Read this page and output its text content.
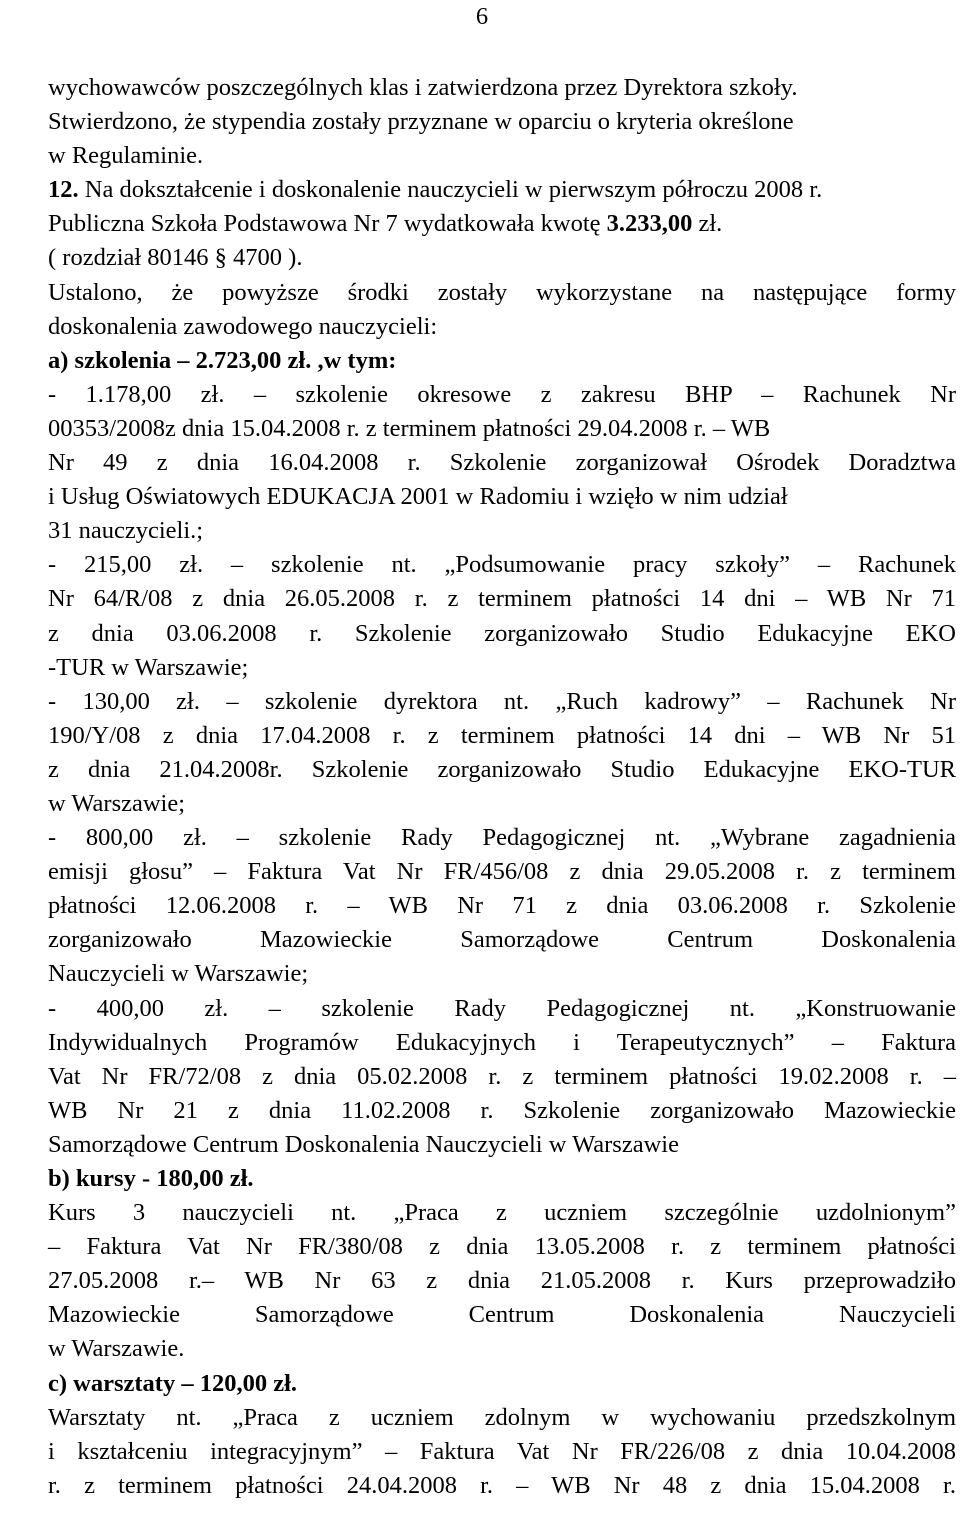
6
wychowawców poszczególnych klas i zatwierdzona przez Dyrektora szkoły.
Stwierdzono, że stypendia zostały przyznane w oparciu o kryteria określone
w Regulaminie.
12. Na dokształcenie i doskonalenie nauczycieli w pierwszym półroczu 2008 r.
Publiczna Szkoła Podstawowa Nr 7 wydatkowała kwotę 3.233,00 zł.
( rozdział 80146 § 4700 ).
Ustalono, że powyższe środki zostały wykorzystane na następujące formy
doskonalenia zawodowego nauczycieli:
a) szkolenia – 2.723,00 zł. ,w tym:
- 1.178,00 zł. – szkolenie okresowe z zakresu BHP – Rachunek Nr
00353/2008z dnia 15.04.2008 r. z terminem płatności 29.04.2008 r. – WB
Nr 49 z dnia 16.04.2008 r. Szkolenie zorganizował Ośrodek Doradztwa
i Usług Oświatowych EDUKACJA 2001 w Radomiu i wzięło w nim udział
31 nauczycieli.;
- 215,00 zł. – szkolenie nt. „Podsumowanie pracy szkoły” – Rachunek
Nr 64/R/08 z dnia 26.05.2008 r. z terminem płatności 14 dni – WB Nr 71
z dnia 03.06.2008 r. Szkolenie zorganizowało Studio Edukacyjne EKO
-TUR w Warszawie;
- 130,00 zł. – szkolenie dyrektora nt. „Ruch kadrowy” – Rachunek Nr
190/Y/08 z dnia 17.04.2008 r. z terminem płatności 14 dni – WB Nr 51
z dnia 21.04.2008r. Szkolenie zorganizowało Studio Edukacyjne EKO-TUR
w Warszawie;
- 800,00 zł. – szkolenie Rady Pedagogicznej nt. „Wybrane zagadnienia
emisji głosu” – Faktura Vat Nr FR/456/08 z dnia 29.05.2008 r. z terminem
płatności 12.06.2008 r. – WB Nr 71 z dnia 03.06.2008 r. Szkolenie
zorganizowało Mazowieckie Samorządowe Centrum Doskonalenia
Nauczycieli w Warszawie;
- 400,00 zł. – szkolenie Rady Pedagogicznej nt. „Konstruowanie
Indywidualnych Programów Edukacyjnych i Terapeutycznych” – Faktura
Vat Nr FR/72/08 z dnia 05.02.2008 r. z terminem płatności 19.02.2008 r. –
WB Nr 21 z dnia 11.02.2008 r. Szkolenie zorganizowało Mazowieckie
Samorządowe Centrum Doskonalenia Nauczycieli w Warszawie
b) kursy - 180,00 zł.
Kurs 3 nauczycieli nt. „Praca z uczniem szczególnie uzdolnionym”
– Faktura Vat Nr FR/380/08 z dnia 13.05.2008 r. z terminem płatności
27.05.2008 r.– WB Nr 63 z dnia 21.05.2008 r. Kurs przeprowadziło
Mazowieckie Samorządowe Centrum Doskonalenia Nauczycieli
w Warszawie.
c) warsztaty – 120,00 zł.
Warsztaty nt. „Praca z uczniem zdolnym w wychowaniu przedszkolnym
i kształceniu integracyjnym” – Faktura Vat Nr FR/226/08 z dnia 10.04.2008
r. z terminem płatności 24.04.2008 r. – WB Nr 48 z dnia 15.04.2008 r.
